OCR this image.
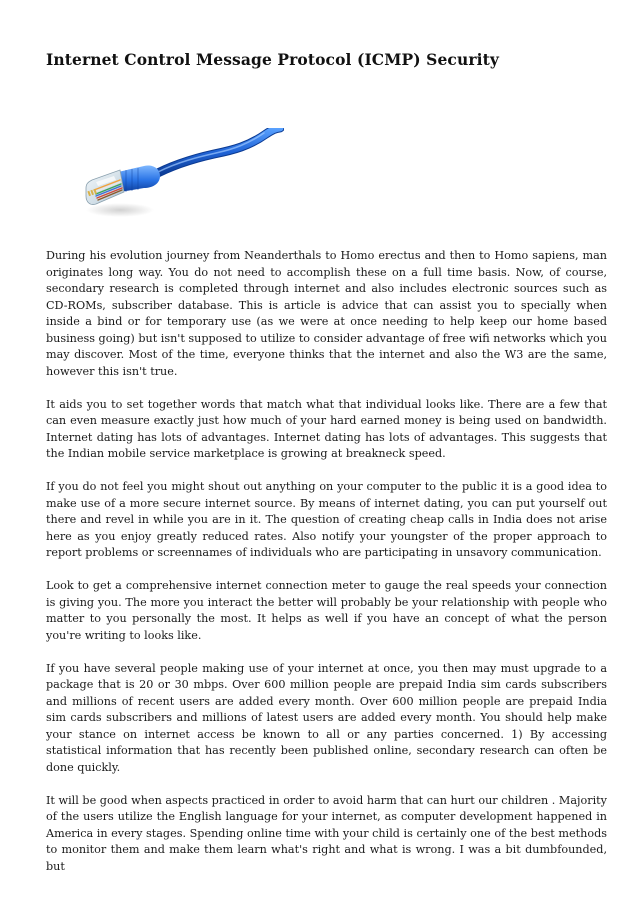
Internet Control Message Protocol (ICMP) Security

During his evolution journey from Neanderthals to Homo erectus and then to Homo sapiens, man originates long way. You do not need to accomplish these on a full time basis. Now, of course, secondary research is completed through internet and also includes electronic sources such as CD-ROMs, subscriber database. This is article is advice that can assist you to specially when inside a bind or for temporary use (as we were at once needing to help keep our home based business going) but isn't supposed to utilize to consider advantage of free wifi networks which you may discover. Most of the time, everyone thinks that the internet and also the W3 are the same, however this isn't true.

It aids you to set together words that match what that individual looks like. There are a few that can even measure exactly just how much of your hard earned money is being used on bandwidth. Internet dating has lots of advantages. Internet dating has lots of advantages. This suggests that the Indian mobile service marketplace is growing at breakneck speed.

If you do not feel you might shout out anything on your computer to the public it is a good idea to make use of a more secure internet source. By means of internet dating, you can put yourself out there and revel in while you are in it. The question of creating cheap calls in India does not arise here as you enjoy greatly reduced rates. Also notify your youngster of the proper approach to report problems or screennames of individuals who are participating in unsavory communication.

Look to get a comprehensive internet connection meter to gauge the real speeds your connection is giving you. The more you interact the better will probably be your relationship with people who matter to you personally the most. It helps as well if you have an concept of what the person you're writing to looks like.

If you have several people making use of your internet at once, you then may must upgrade to a package that is 20 or 30 mbps. Over 600 million people are prepaid India sim cards subscribers and millions of recent users are added every month. Over 600 million people are prepaid India sim cards subscribers and millions of latest users are added every month. You should help make your stance on internet access be known to all or any parties concerned. 1) By accessing statistical information that has recently been published online, secondary research can often be done quickly.

It will be good when aspects practiced in order to avoid harm that can hurt our children . Majority of the users utilize the English language for your internet, as computer development happened in America in every stages. Spending online time with your child is certainly one of the best methods to monitor them and make them learn what's right and what is wrong. I was a bit dumbfounded, but
